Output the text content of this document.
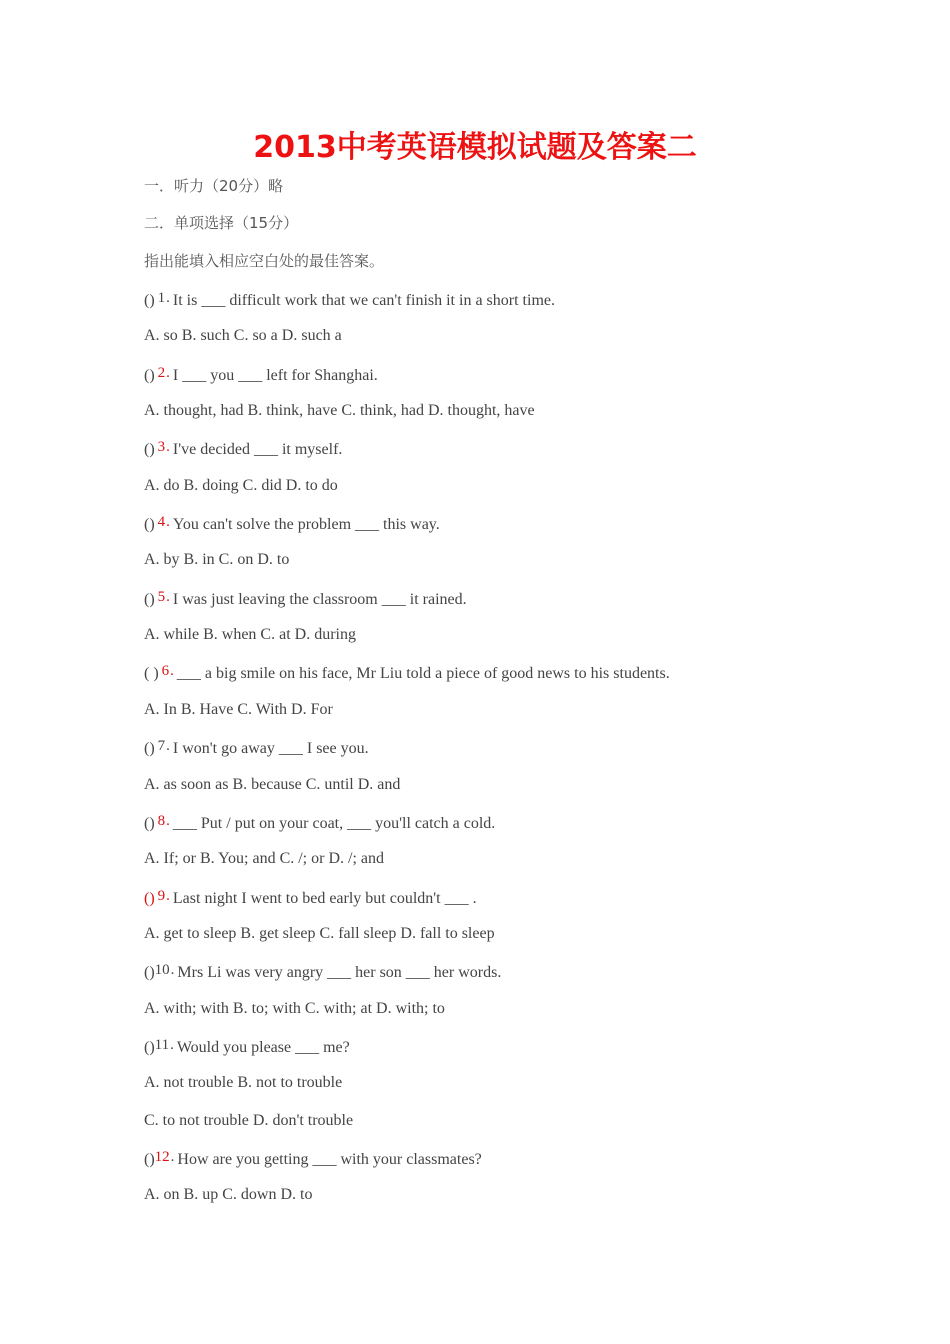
2013中考英语模拟试题及答案二
一．听力（20分）略
二．单项选择（15分）
指出能填入相应空白处的最佳答案。
() 1. It is ___ difficult work that we can't finish it in a short time.
A. so B. such C. so a D. such a
() 2. I ___ you ___ left for Shanghai.
A. thought, had B. think, have C. think, had D. thought, have
() 3. I've decided ___ it myself.
A. do B. doing C. did D. to do
() 4. You can't solve the problem ___ this way.
A. by B. in C. on D. to
() 5. I was just leaving the classroom ___ it rained.
A. while B. when C. at D. during
( ) 6. ___ a big smile on his face, Mr Liu told a piece of good news to his students.
A. In B. Have C. With D. For
() 7. I won't go away ___ I see you.
A. as soon as B. because C. until D. and
() 8. ___ Put / put on your coat, ___ you'll catch a cold.
A. If; or B. You; and C. /; or D. /; and
() 9. Last night I went to bed early but couldn't ___ .
A. get to sleep B. get sleep C. fall sleep D. fall to sleep
()10. Mrs Li was very angry ___ her son ___ her words.
A. with; with B. to; with C. with; at D. with; to
()11. Would you please ___ me?
A. not trouble B. not to trouble
C. to not trouble D. don't trouble
()12. How are you getting ___ with your classmates?
A. on B. up C. down D. to
